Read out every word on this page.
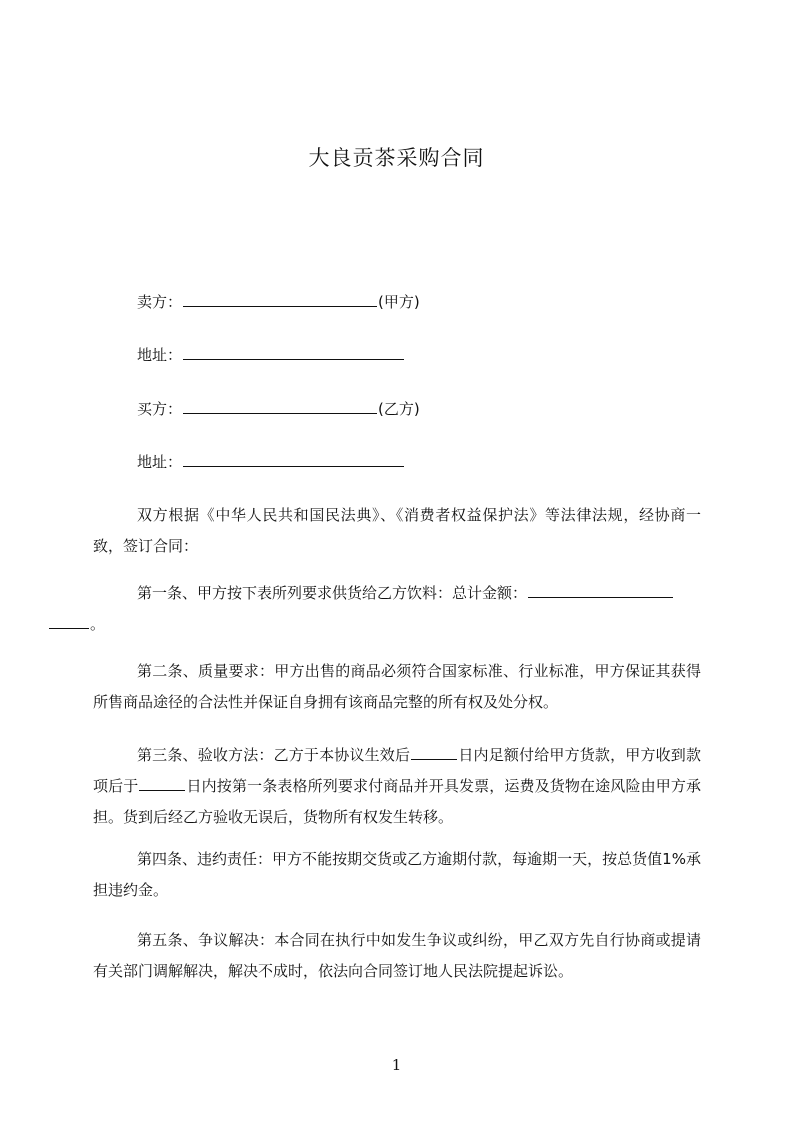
大良贡茶采购合同
卖方：	(甲方)
地址：
买方：	(乙方)
地址：

双方根据《中华人民共和国民法典》、《消费者权益保护法》等法律法规，经协商一致，签订合同：

第一条、甲方按下表所列要求供货给乙方饮料：总计金额：
。

第二条、质量要求：甲方出售的商品必须符合国家标准、行业标准，甲方保证其获得所售商品途径的合法性并保证自身拥有该商品完整的所有权及处分权。

第三条、验收方法：乙方于本协议生效后	日内足额付给甲方货款，甲方收到款项后于	日内按第一条表格所列要求付商品并开具发票，运费及货物在途风险由甲方承担。货到后经乙方验收无误后，货物所有权发生转移。

第四条、违约责任：甲方不能按期交货或乙方逾期付款，每逾期一天，按总货值1%承担违约金。

第五条、争议解决：本合同在执行中如发生争议或纠纷，甲乙双方先自行协商或提请有关部门调解解决，解决不成时，依法向合同签订地人民法院提起诉讼。

1
